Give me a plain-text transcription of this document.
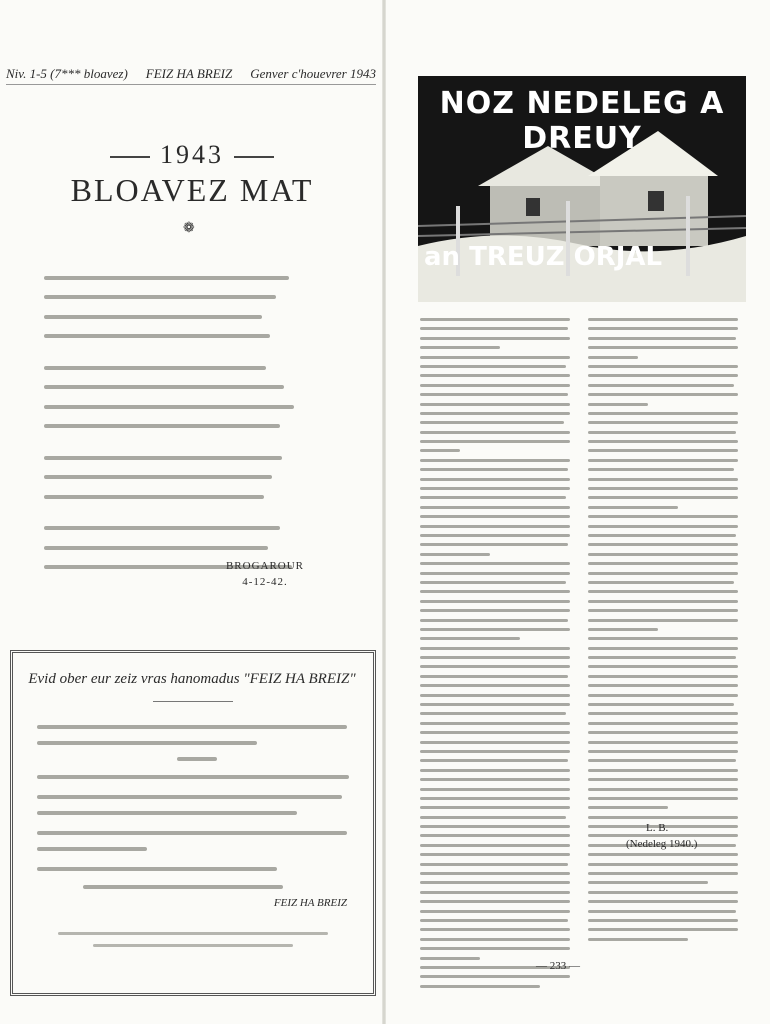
Niv. 1-5 (7*** bloavez) FEIZ HA BREIZ Genver c'houevrer 1943
1943
BLOAVEZ MAT
❁
BROGAROUR
4-12-42.
Evid ober eur zeiz vras hanomadus "FEIZ HA BREIZ"
FEIZ HA BREIZ
NOZ NEDELEG A DREUY
an TREUZ ORJAL
L. B.
(Nedeleg 1940.)
— 233 —
